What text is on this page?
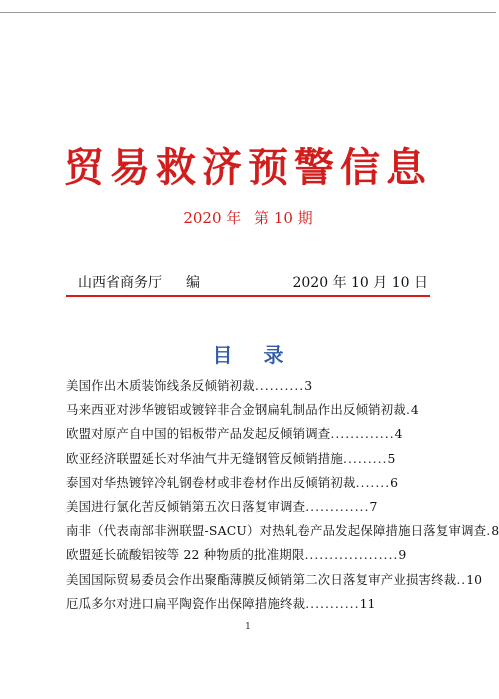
贸易救济预警信息
2020 年 第 10 期
山西省商务厅 编	2020 年 10 月 10 日
目 录
美国作出木质装饰线条反倾销初裁..........3
马来西亚对涉华镀铝或镀锌非合金钢扁轧制品作出反倾销初裁.4
欧盟对原产自中国的铝板带产品发起反倾销调查.............4
欧亚经济联盟延长对华油气井无缝钢管反倾销措施.........5
泰国对华热镀锌冷轧钢卷材或非卷材作出反倾销初裁.......6
美国进行氯化苦反倾销第五次日落复审调查.............7
南非（代表南部非洲联盟-SACU）对热轧卷产品发起保障措施日落复审调查.8
欧盟延长硫酸铝铵等 22 种物质的批准期限...................9
美国国际贸易委员会作出聚酯薄膜反倾销第二次日落复审产业损害终裁..10
厄瓜多尔对进口扁平陶瓷作出保障措施终裁...........11
1
